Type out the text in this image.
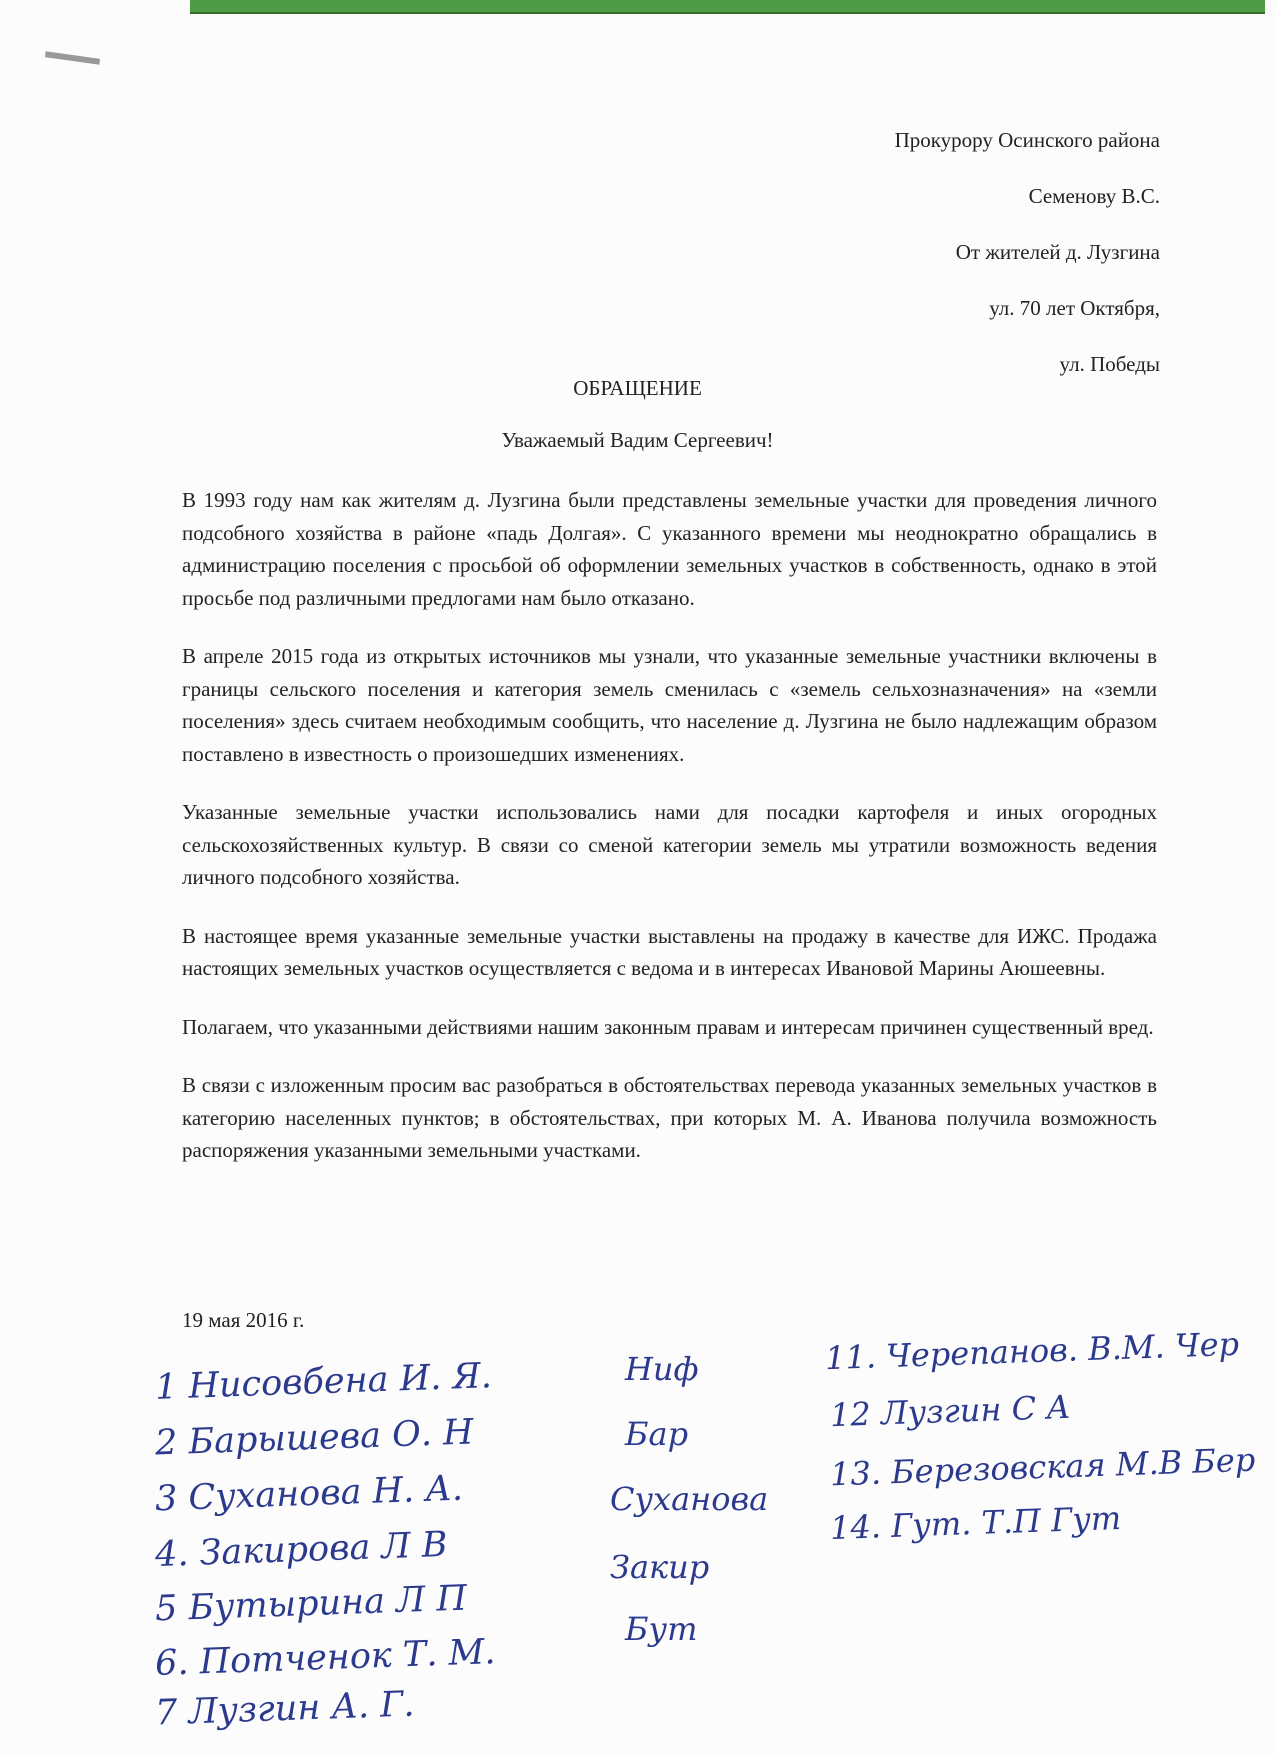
Прокурору Осинского района
Семенову В.С.
От жителей д. Лузгина
ул. 70 лет Октября,
ул. Победы
ОБРАЩЕНИЕ
Уважаемый Вадим Сергеевич!

В 1993 году нам как жителям д. Лузгина были представлены земельные участки для проведения личного подсобного хозяйства в районе «падь Долгая». С указанного времени мы неоднократно обращались в администрацию поселения с просьбой об оформлении земельных участков в собственность, однако в этой просьбе под различными предлогами нам было отказано.

В апреле 2015 года из открытых источников мы узнали, что указанные земельные участники включены в границы сельского поселения и категория земель сменилась с «земель сельхозназначения» на «земли поселения» здесь считаем необходимым сообщить, что население д. Лузгина не было надлежащим образом поставлено в известность о произошедших изменениях.

Указанные земельные участки использовались нами для посадки картофеля и иных огородных сельскохозяйственных культур. В связи со сменой категории земель мы утратили возможность ведения личного подсобного хозяйства.

В настоящее время указанные земельные участки выставлены на продажу в качестве для ИЖС. Продажа настоящих земельных участков осуществляется с ведома и в интересах Ивановой Марины Аюшеевны.

Полагаем, что указанными действиями нашим законным правам и интересам причинен существенный вред.

В связи с изложенным просим вас разобраться в обстоятельствах перевода указанных земельных участков в категорию населенных пунктов; в обстоятельствах, при которых М. А. Иванова получила возможность распоряжения указанными земельными участками.

19 мая 2016 г.
1 Нисовбена И. Я.
2 Барышева О. Н
3 Суханова Н. А.
4. Закирова Л В
5 Бутырина Л П
6. Потченок Т. М.
7 Лузгин А. Г.
Ниф
Бар
Суханова
Закир
Бут
11. Черепанов. В.М. Чер
12 Лузгин С А
13. Березовская М.В Бер
14. Гут. Т.П Гут
